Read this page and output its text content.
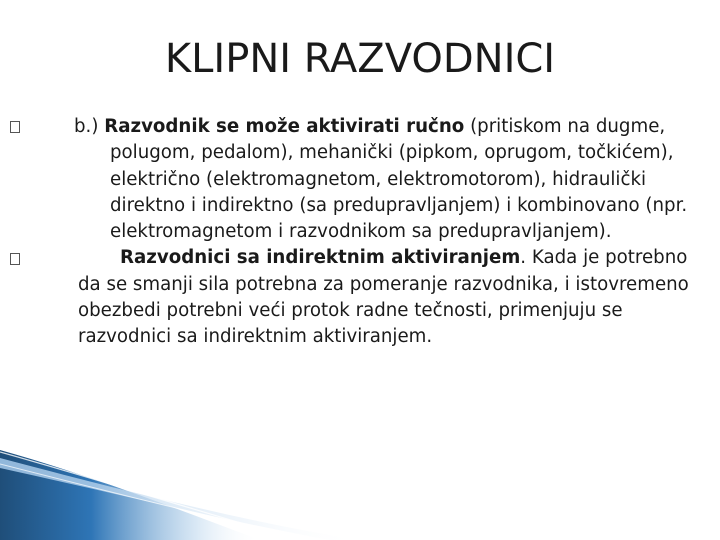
KLIPNI RAZVODNICI
b.) Razvodnik se može aktivirati ručno (pritiskom na dugme, polugom, pedalom), mehanički (pipkom, oprugom, točkićem), električno (elektromagnetom, elektromotorom), hidraulički direktno i indirektno (sa predupravljanjem) i kombinovano (npr. elektromagnetom i razvodnikom sa predupravljanjem).
Razvodnici sa indirektnim aktiviranjem. Kada je potrebno da se smanji sila potrebna za pomeranje razvodnika, i istovremeno obezbedi potrebni veći protok radne tečnosti, primenjuju se razvodnici sa indirektnim aktiviranjem.
